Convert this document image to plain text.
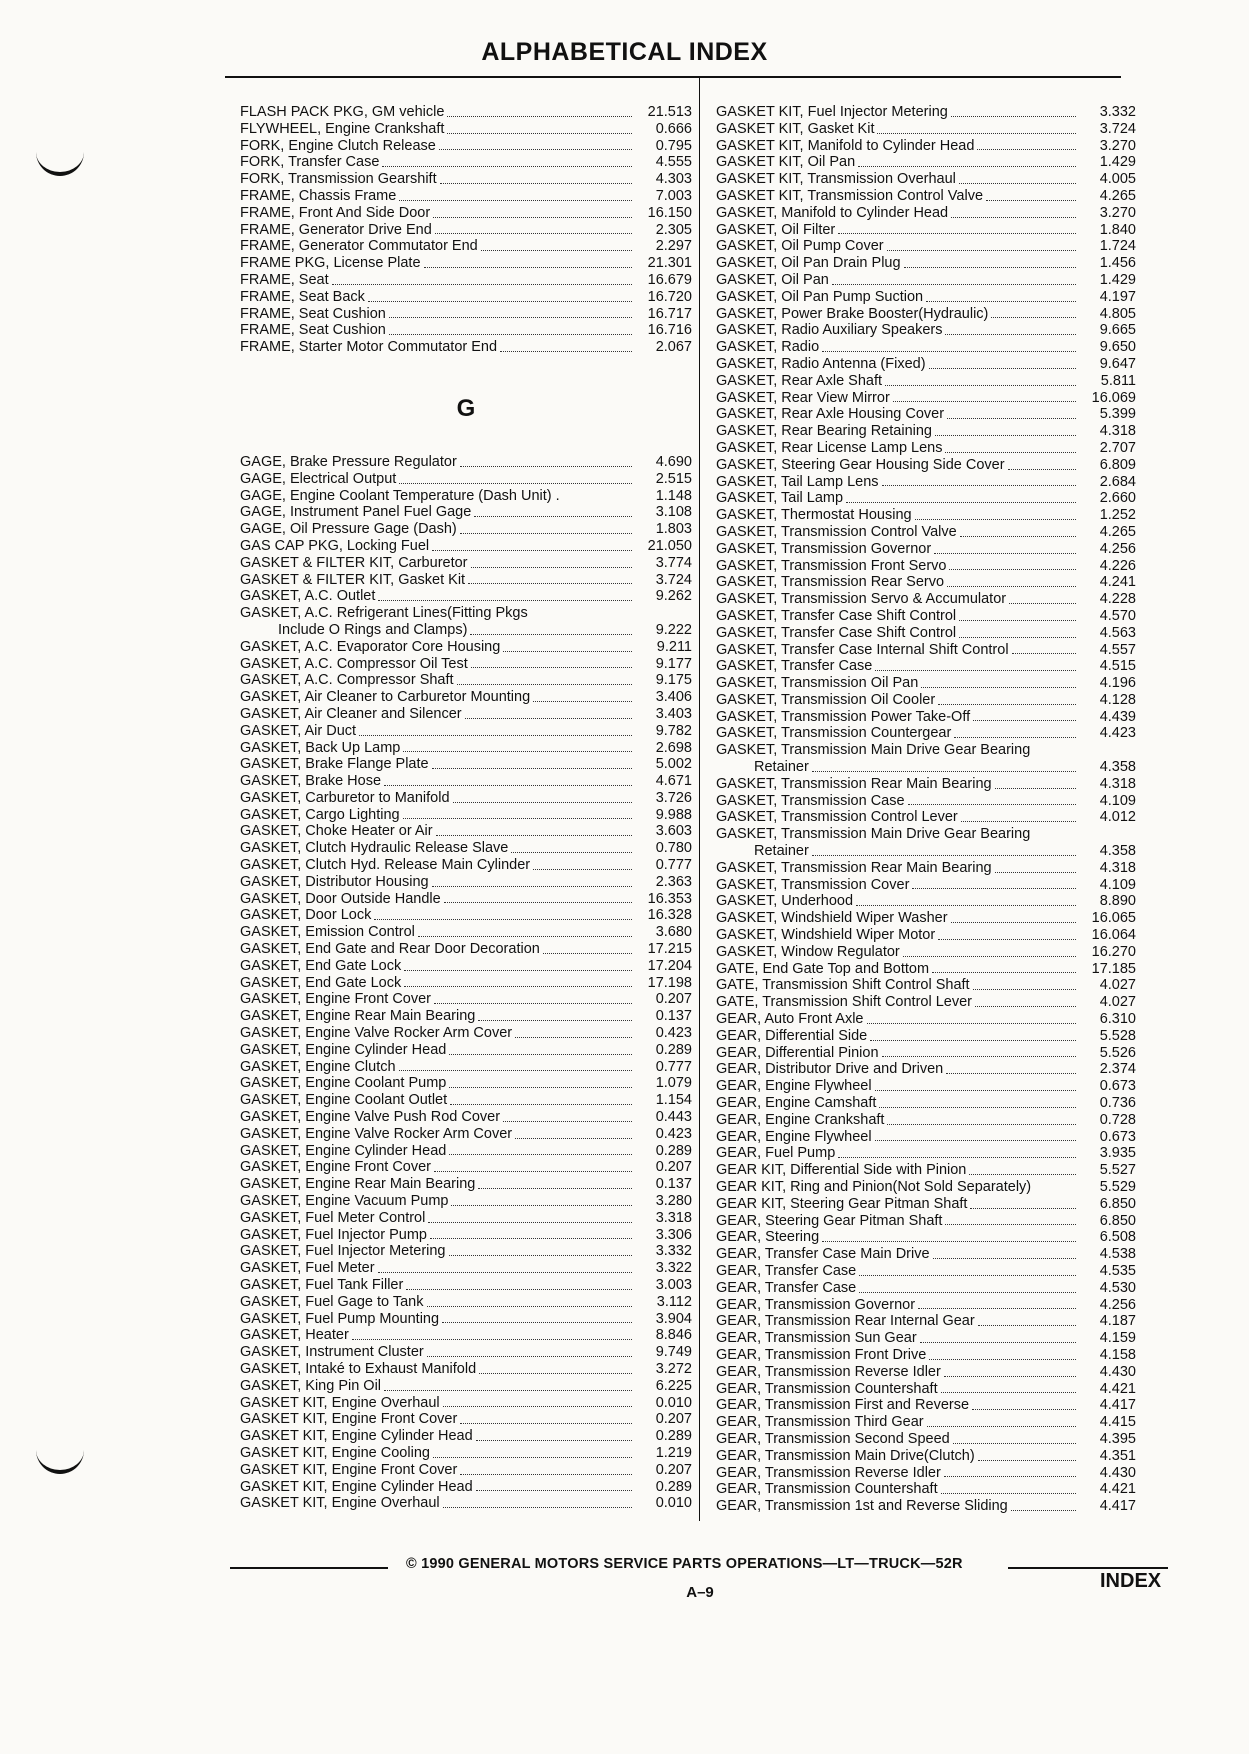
ALPHABETICAL INDEX
FLASH PACK PKG, GM vehicle	21.513
FLYWHEEL, Engine Crankshaft	0.666
FORK, Engine Clutch Release	0.795
FORK, Transfer Case	4.555
FORK, Transmission Gearshift	4.303
FRAME, Chassis Frame	7.003
FRAME, Front And Side Door	16.150
FRAME, Generator Drive End	2.305
FRAME, Generator Commutator End	2.297
FRAME PKG, License Plate	21.301
FRAME, Seat	16.679
FRAME, Seat Back	16.720
FRAME, Seat Cushion	16.717
FRAME, Seat Cushion	16.716
FRAME, Starter Motor Commutator End	2.067
G
GAGE, Brake Pressure Regulator	4.690
GAGE, Electrical Output	2.515
GAGE, Engine Coolant Temperature (Dash Unit) .	1.148
GAGE, Instrument Panel Fuel Gage	3.108
GAGE, Oil Pressure Gage (Dash)	1.803
GAS CAP PKG, Locking Fuel	21.050
GASKET & FILTER KIT, Carburetor	3.774
GASKET & FILTER KIT, Gasket Kit	3.724
GASKET, A.C. Outlet	9.262
GASKET, A.C. Refrigerant Lines(Fitting Pkgs
Include O Rings and Clamps)	9.222
GASKET, A.C. Evaporator Core Housing	9.211
GASKET, A.C. Compressor Oil Test	9.177
GASKET, A.C. Compressor Shaft	9.175
GASKET, Air Cleaner to Carburetor Mounting	3.406
GASKET, Air Cleaner and Silencer	3.403
GASKET, Air Duct	9.782
GASKET, Back Up Lamp	2.698
GASKET, Brake Flange Plate	5.002
GASKET, Brake Hose	4.671
GASKET, Carburetor to Manifold	3.726
GASKET, Cargo Lighting	9.988
GASKET, Choke Heater or Air	3.603
GASKET, Clutch Hydraulic Release Slave	0.780
GASKET, Clutch Hyd. Release Main Cylinder	0.777
GASKET, Distributor Housing	2.363
GASKET, Door Outside Handle	16.353
GASKET, Door Lock	16.328
GASKET, Emission Control	3.680
GASKET, End Gate and Rear Door Decoration	17.215
GASKET, End Gate Lock	17.204
GASKET, End Gate Lock	17.198
GASKET, Engine Front Cover	0.207
GASKET, Engine Rear Main Bearing	0.137
GASKET, Engine Valve Rocker Arm Cover	0.423
GASKET, Engine Cylinder Head	0.289
GASKET, Engine Clutch	0.777
GASKET, Engine Coolant Pump	1.079
GASKET, Engine Coolant Outlet	1.154
GASKET, Engine Valve Push Rod Cover	0.443
GASKET, Engine Valve Rocker Arm Cover	0.423
GASKET, Engine Cylinder Head	0.289
GASKET, Engine Front Cover	0.207
GASKET, Engine Rear Main Bearing	0.137
GASKET, Engine Vacuum Pump	3.280
GASKET, Fuel Meter Control	3.318
GASKET, Fuel Injector Pump	3.306
GASKET, Fuel Injector Metering	3.332
GASKET, Fuel Meter	3.322
GASKET, Fuel Tank Filler	3.003
GASKET, Fuel Gage to Tank	3.112
GASKET, Fuel Pump Mounting	3.904
GASKET, Heater	8.846
GASKET, Instrument Cluster	9.749
GASKET, Intaké to Exhaust Manifold	3.272
GASKET, King Pin Oil	6.225
GASKET KIT, Engine Overhaul	0.010
GASKET KIT, Engine Front Cover	0.207
GASKET KIT, Engine Cylinder Head	0.289
GASKET KIT, Engine Cooling	1.219
GASKET KIT, Engine Front Cover	0.207
GASKET KIT, Engine Cylinder Head	0.289
GASKET KIT, Engine Overhaul	0.010
GASKET KIT, Fuel Injector Metering	3.332
GASKET KIT, Gasket Kit	3.724
GASKET KIT, Manifold to Cylinder Head	3.270
GASKET KIT, Oil Pan	1.429
GASKET KIT, Transmission Overhaul	4.005
GASKET KIT, Transmission Control Valve	4.265
GASKET, Manifold to Cylinder Head	3.270
GASKET, Oil Filter	1.840
GASKET, Oil Pump Cover	1.724
GASKET, Oil Pan Drain Plug	1.456
GASKET, Oil Pan	1.429
GASKET, Oil Pan Pump Suction	4.197
GASKET, Power Brake Booster(Hydraulic)	4.805
GASKET, Radio Auxiliary Speakers	9.665
GASKET, Radio	9.650
GASKET, Radio Antenna (Fixed)	9.647
GASKET, Rear Axle Shaft	5.811
GASKET, Rear View Mirror	16.069
GASKET, Rear Axle Housing Cover	5.399
GASKET, Rear Bearing Retaining	4.318
GASKET, Rear License Lamp Lens	2.707
GASKET, Steering Gear Housing Side Cover	6.809
GASKET, Tail Lamp Lens	2.684
GASKET, Tail Lamp	2.660
GASKET, Thermostat Housing	1.252
GASKET, Transmission Control Valve	4.265
GASKET, Transmission Governor	4.256
GASKET, Transmission Front Servo	4.226
GASKET, Transmission Rear Servo	4.241
GASKET, Transmission Servo & Accumulator	4.228
GASKET, Transfer Case Shift Control	4.570
GASKET, Transfer Case Shift Control	4.563
GASKET, Transfer Case Internal Shift Control	4.557
GASKET, Transfer Case	4.515
GASKET, Transmission Oil Pan	4.196
GASKET, Transmission Oil Cooler	4.128
GASKET, Transmission Power Take-Off	4.439
GASKET, Transmission Countergear	4.423
GASKET, Transmission Main Drive Gear Bearing
Retainer	4.358
GASKET, Transmission Rear Main Bearing	4.318
GASKET, Transmission Case	4.109
GASKET, Transmission Control Lever	4.012
GASKET, Transmission Main Drive Gear Bearing
Retainer	4.358
GASKET, Transmission Rear Main Bearing	4.318
GASKET, Transmission Cover	4.109
GASKET, Underhood	8.890
GASKET, Windshield Wiper Washer	16.065
GASKET, Windshield Wiper Motor	16.064
GASKET, Window Regulator	16.270
GATE, End Gate Top and Bottom	17.185
GATE, Transmission Shift Control Shaft	4.027
GATE, Transmission Shift Control Lever	4.027
GEAR, Auto Front Axle	6.310
GEAR, Differential Side	5.528
GEAR, Differential Pinion	5.526
GEAR, Distributor Drive and Driven	2.374
GEAR, Engine Flywheel	0.673
GEAR, Engine Camshaft	0.736
GEAR, Engine Crankshaft	0.728
GEAR, Engine Flywheel	0.673
GEAR, Fuel Pump	3.935
GEAR KIT, Differential Side with Pinion	5.527
GEAR KIT, Ring and Pinion(Not Sold Separately)	5.529
GEAR KIT, Steering Gear Pitman Shaft	6.850
GEAR, Steering Gear Pitman Shaft	6.850
GEAR, Steering	6.508
GEAR, Transfer Case Main Drive	4.538
GEAR, Transfer Case	4.535
GEAR, Transfer Case	4.530
GEAR, Transmission Governor	4.256
GEAR, Transmission Rear Internal Gear	4.187
GEAR, Transmission Sun Gear	4.159
GEAR, Transmission Front Drive	4.158
GEAR, Transmission Reverse Idler	4.430
GEAR, Transmission Countershaft	4.421
GEAR, Transmission First and Reverse	4.417
GEAR, Transmission Third Gear	4.415
GEAR, Transmission Second Speed	4.395
GEAR, Transmission Main Drive(Clutch)	4.351
GEAR, Transmission Reverse Idler	4.430
GEAR, Transmission Countershaft	4.421
GEAR, Transmission 1st and Reverse Sliding	4.417
© 1990 GENERAL MOTORS SERVICE PARTS OPERATIONS—LT—TRUCK—52R
A–9
INDEX
